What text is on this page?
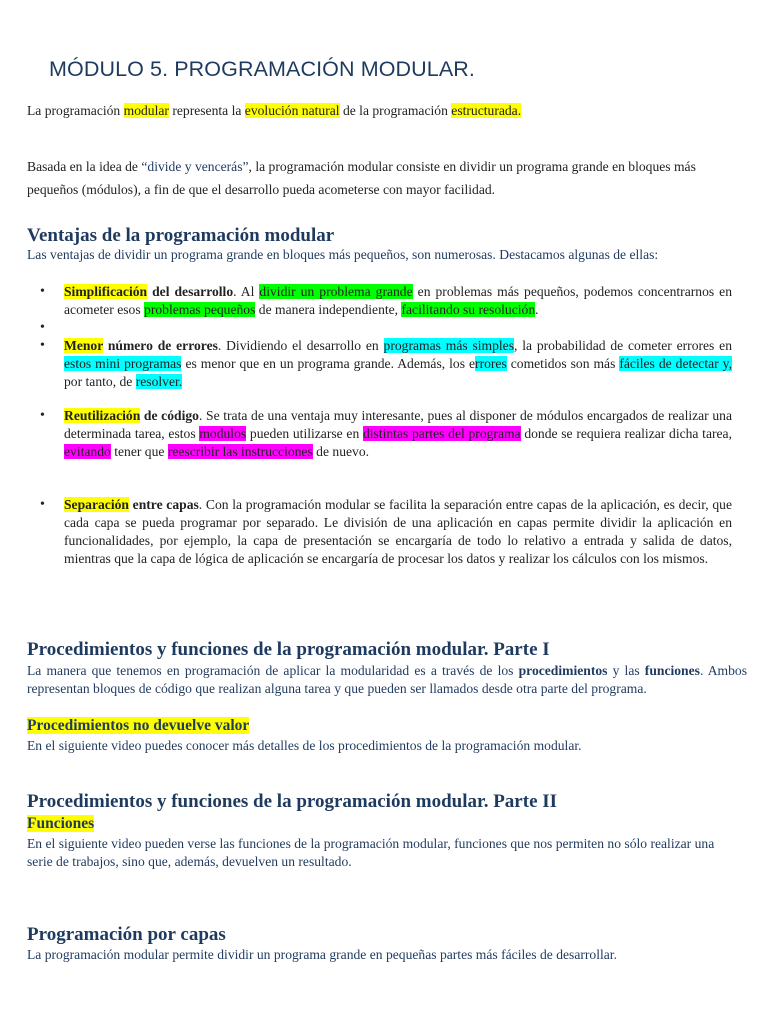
MÓDULO 5. PROGRAMACIÓN MODULAR.

La programación modular representa la evolución natural de la programación estructurada.

Basada en la idea de “divide y vencerás”, la programación modular consiste en dividir un programa grande en bloques más pequeños (módulos), a fin de que el desarrollo pueda acometerse con mayor facilidad.

Ventajas de la programación modular

Las ventajas de dividir un programa grande en bloques más pequeños, son numerosas. Destacamos algunas de ellas:

• Simplificación del desarrollo. Al dividir un problema grande en problemas más pequeños, podemos concentrarnos en acometer esos problemas pequeños de manera independiente, facilitando su resolución.

•
• Menor número de errores. Dividiendo el desarrollo en programas más simples, la probabilidad de cometer errores en estos mini programas es menor que en un programa grande. Además, los errores cometidos son más fáciles de detectar y, por tanto, de resolver.

• Reutilización de código. Se trata de una ventaja muy interesante, pues al disponer de módulos encargados de realizar una determinada tarea, estos modulos pueden utilizarse en distintas partes del programa donde se requiera realizar dicha tarea, evitando tener que reescribir las instrucciones de nuevo.

• Separación entre capas. Con la programación modular se facilita la separación entre capas de la aplicación, es decir, que cada capa se pueda programar por separado. Le división de una aplicación en capas permite dividir la aplicación en funcionalidades, por ejemplo, la capa de presentación se encargaría de todo lo relativo a entrada y salida de datos, mientras que la capa de lógica de aplicación se encargaría de procesar los datos y realizar los cálculos con los mismos.

Procedimientos y funciones de la programación modular. Parte I

La manera que tenemos en programación de aplicar la modularidad es a través de los procedimientos y las funciones. Ambos representan bloques de código que realizan alguna tarea y que pueden ser llamados desde otra parte del programa.

Procedimientos no devuelve valor

En el siguiente video puedes conocer más detalles de los procedimientos de la programación modular.

Procedimientos y funciones de la programación modular. Parte II
Funciones

En el siguiente video pueden verse las funciones de la programación modular, funciones que nos permiten no sólo realizar una serie de trabajos, sino que, además, devuelven un resultado.

Programación por capas

La programación modular permite dividir un programa grande en pequeñas partes más fáciles de desarrollar.
